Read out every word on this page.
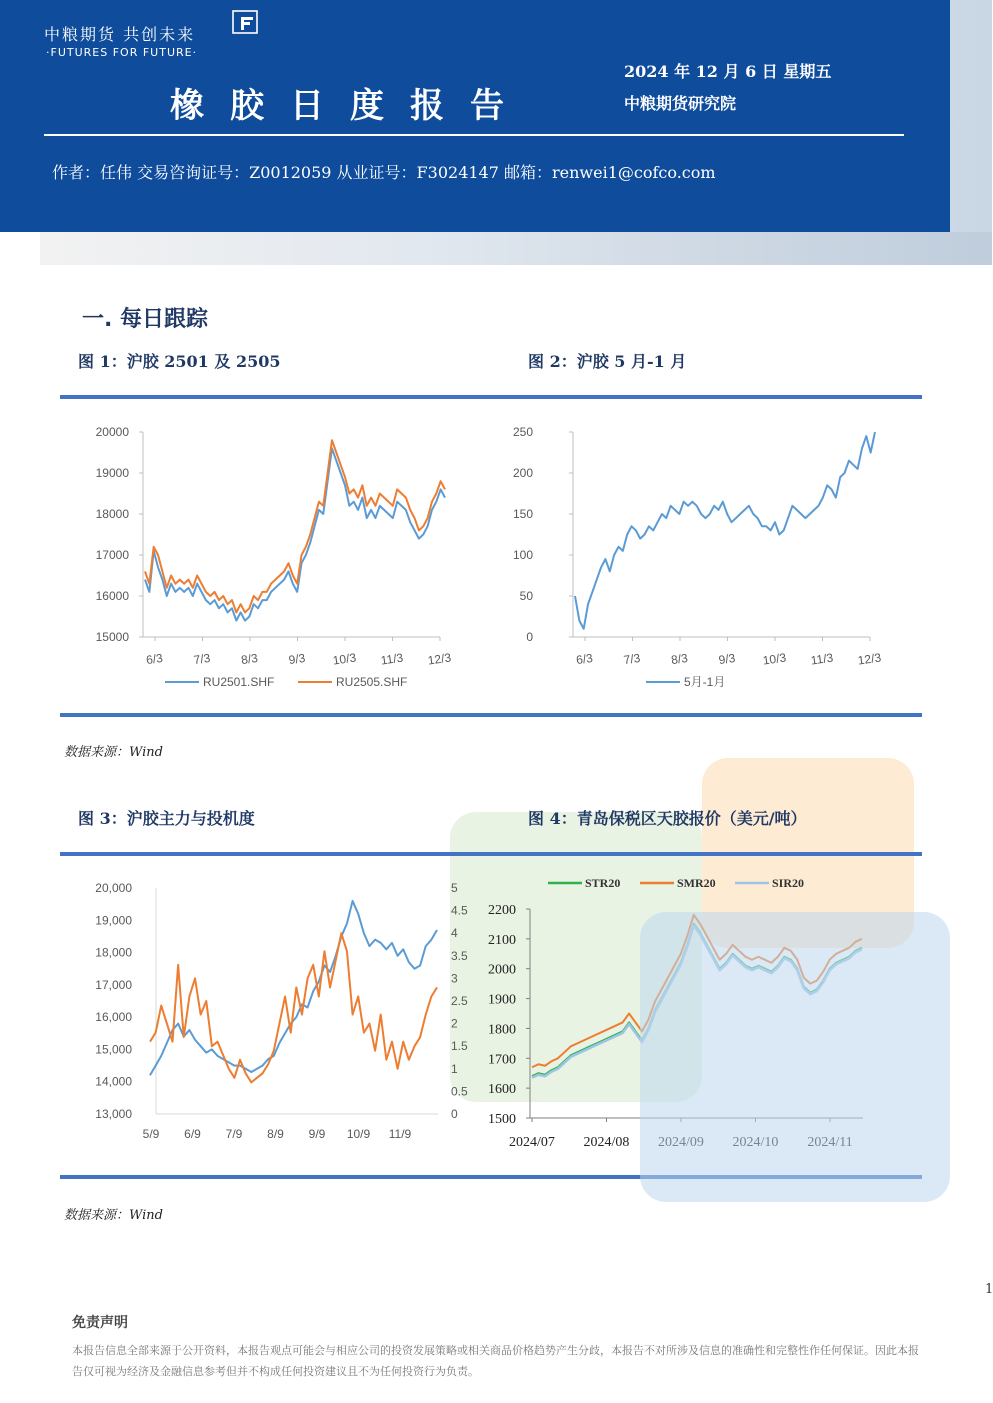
中粮期货 共创未来
·FUTURES FOR FUTURE·
橡胶日度报告
2024 年 12 月 6 日 星期五
中粮期货研究院
作者：任伟 交易咨询证号：Z0012059 从业证号：F3024147 邮箱：renwei1@cofco.com
一. 每日跟踪
图 1：沪胶 2501 及 2505	图 2：沪胶 5 月-1 月
20000
19000
18000
17000
16000
15000
6/3 7/3 8/3 9/3 10/3 11/3 12/3
RU2501.SHF	RU2505.SHF
250
200
150
100
50
0
6/3 7/3 8/3 9/3 10/3 11/3 12/3
5月-1月
数据来源：Wind
图 3：沪胶主力与投机度	图 4：青岛保税区天胶报价（美元/吨）
20,000
19,000
18,000
17,000
16,000
15,000
14,000
13,000
5
4.5
4
3.5
3
2.5
2
1.5
1
0.5
0
5/9 6/9 7/9 8/9 9/9 10/9 11/9
2200
2100
2000
1900
1800
1700
1600
1500
2024/07 2024/08
STR20	SMR20	SIR20
数据来源：Wind
1
免责声明
本报告信息全部来源于公开资料，本报告观点可能会与相应公司的投资发展策略或相关商品价格趋势产生分歧，本报告不对所涉及信息的准确性和完整性作任何保证。因此本报告仅可视为经济及金融信息参考但并不构成任何投资建议且不为任何投资行为负责。
